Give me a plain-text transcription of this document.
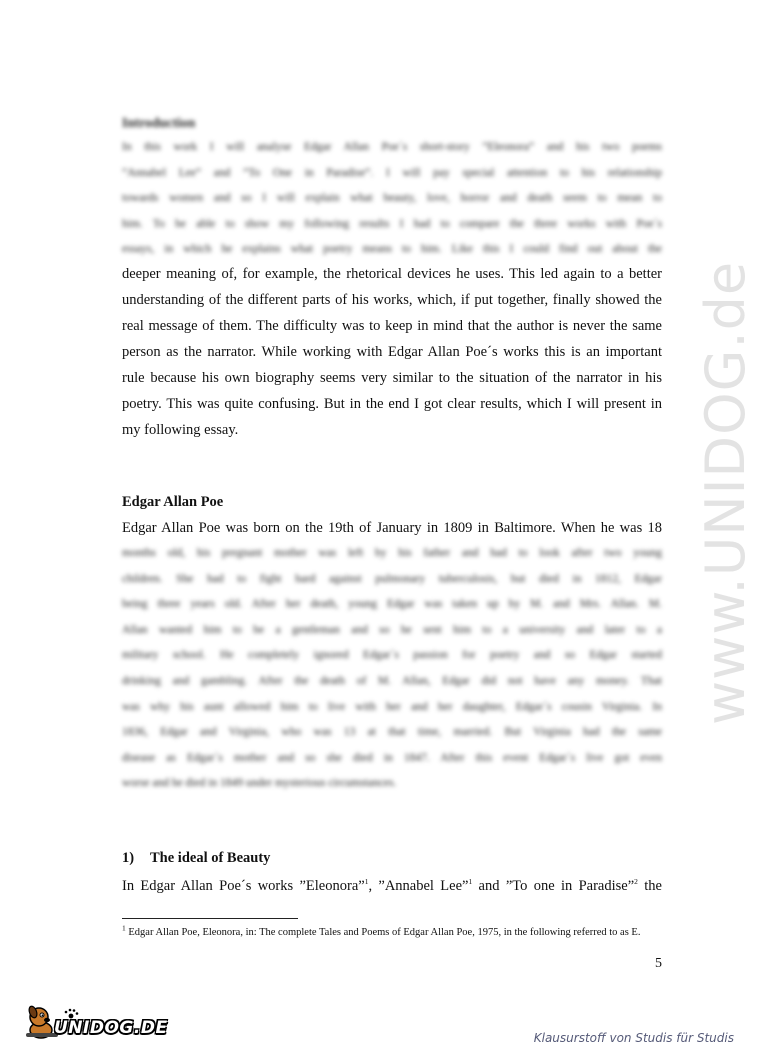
www.UNIDOG.de
Introduction
In this work I will analyse Edgar Allan Poe´s short-story ”Eleonora” and his two poems
”Annabel Lee” and ”To One in Paradise”. I will pay special attention to his relationship
towards women and so I will explain what beauty, love, horror and death seem to mean to
him. To be able to show my following results I had to compare the three works with Poe´s
essays, in which he explains what poetry means to him. Like this I could find out about the
deeper meaning of, for example, the rhetorical devices he uses. This led again to a better
understanding of the different parts of his works, which, if put together, finally showed the
real message of them. The difficulty was to keep in mind that the author is never the same
person as the narrator. While working with Edgar Allan Poe´s works this is an important
rule because his own biography seems very similar to the situation of the narrator in his
poetry. This was quite confusing. But in the end I got clear results, which I will present in
my following essay.
Edgar Allan Poe
Edgar Allan Poe was born on the 19th of January in 1809 in Baltimore. When he was 18
months old, his pregnant mother was left by his father and had to look after two young
children. She had to fight hard against pulmonary tuberculosis, but died in 1812, Edgar
being three years old. After her death, young Edgar was taken up by M. and Mrs. Allan. M.
Allan wanted him to be a gentleman and so he sent him to a university and later to a
military school. He completely ignored Edgar´s passion for poetry and so Edgar started
drinking and gambling. After the death of M. Allan, Edgar did not have any money. That
was why his aunt allowed him to live with her and her daughter, Edgar´s cousin Virginia. In
1836, Edgar and Virginia, who was 13 at that time, married. But Virginia had the same
disease as Edgar´s mother and so she died in 1847. After this event Edgar´s live got even
worse and he died in 1849 under mysterious circumstances.
1) The ideal of Beauty
In Edgar Allan Poe´s works ”Eleonora”$^1$, ”Annabel Lee”$^1$ and ”To one in Paradise”$^2$ the
$^1$ Edgar Allan Poe, Eleonora, in: The complete Tales and Poems of Edgar Allan Poe, 1975, in the following referred to as E.
5
UNIDOG.DE	Klausurstoff von Studis für Studis
